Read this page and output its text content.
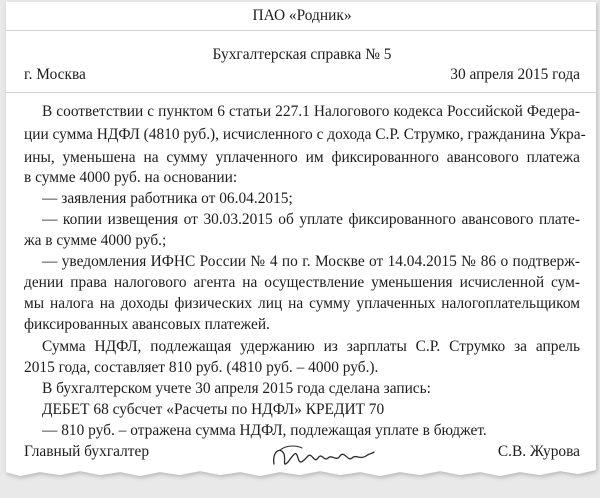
ПАО «Родник»
Бухгалтерская справка № 5
г. Москва	30 апреля 2015 года
В соответствии с пунктом 6 статьи 227.1 Налогового кодекса Российской Федера-
ции сумма НДФЛ (4810 руб.), исчисленного с дохода С.Р. Струмко, гражданина Укра-
ины, уменьшена на сумму уплаченного им фиксированного авансового платежа
в сумме 4000 руб. на основании:
— заявления работника от 06.04.2015;
— копии извещения от 30.03.2015 об уплате фиксированного авансового плате-
жа в сумме 4000 руб.;
— уведомления ИФНС России № 4 по г. Москве от 14.04.2015 № 86 о подтверж-
дении права налогового агента на осуществление уменьшения исчисленной сум-
мы налога на доходы физических лиц на сумму уплаченных налогоплательщиком
фиксированных авансовых платежей.
Сумма НДФЛ, подлежащая удержанию из зарплаты С.Р. Струмко за апрель
2015 года, составляет 810 руб. (4810 руб. – 4000 руб.).
В бухгалтерском учете 30 апреля 2015 года сделана запись:
ДЕБЕТ 68 субсчет «Расчеты по НДФЛ» КРЕДИТ 70
— 810 руб. – отражена сумма НДФЛ, подлежащая уплате в бюджет.
Главный бухгалтер	С.В. Журова
